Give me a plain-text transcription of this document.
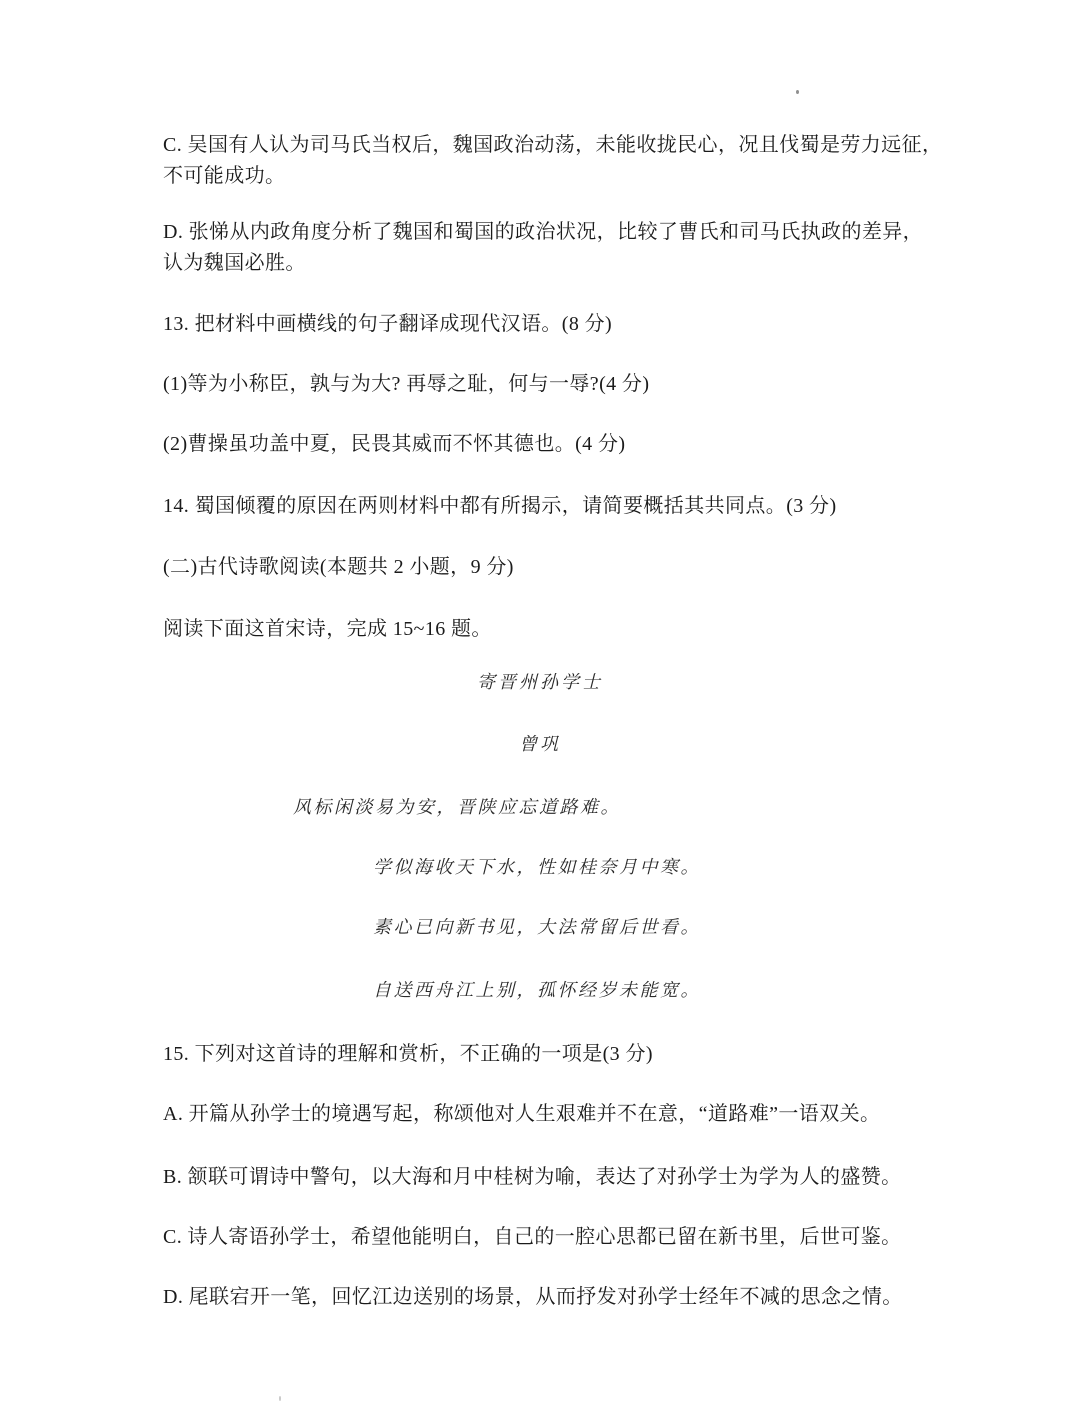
C. 吴国有人认为司马氏当权后，魏国政治动荡，未能收拢民心，况且伐蜀是劳力远征，
不可能成功。
D. 张悌从内政角度分析了魏国和蜀国的政治状况，比较了曹氏和司马氏执政的差异，
认为魏国必胜。
13. 把材料中画横线的句子翻译成现代汉语。(8 分)
(1)等为小称臣，孰与为大? 再辱之耻，何与一辱?(4 分)
(2)曹操虽功盖中夏，民畏其威而不怀其德也。(4 分)
14. 蜀国倾覆的原因在两则材料中都有所揭示，请简要概括其共同点。(3 分)
(二)古代诗歌阅读(本题共 2 小题，9 分)
阅读下面这首宋诗，完成 15~16 题。
寄晋州孙学士
曾巩
风标闲淡易为安，晋陕应忘道路难。
学似海收天下水，性如桂奈月中寒。
素心已向新书见，大法常留后世看。
自送西舟江上别，孤怀经岁未能宽。
15. 下列对这首诗的理解和赏析，不正确的一项是(3 分)
A. 开篇从孙学士的境遇写起，称颂他对人生艰难并不在意，“道路难”一语双关。
B. 颔联可谓诗中警句，以大海和月中桂树为喻，表达了对孙学士为学为人的盛赞。
C. 诗人寄语孙学士，希望他能明白，自己的一腔心思都已留在新书里，后世可鉴。
D. 尾联宕开一笔，回忆江边送别的场景，从而抒发对孙学士经年不减的思念之情。
